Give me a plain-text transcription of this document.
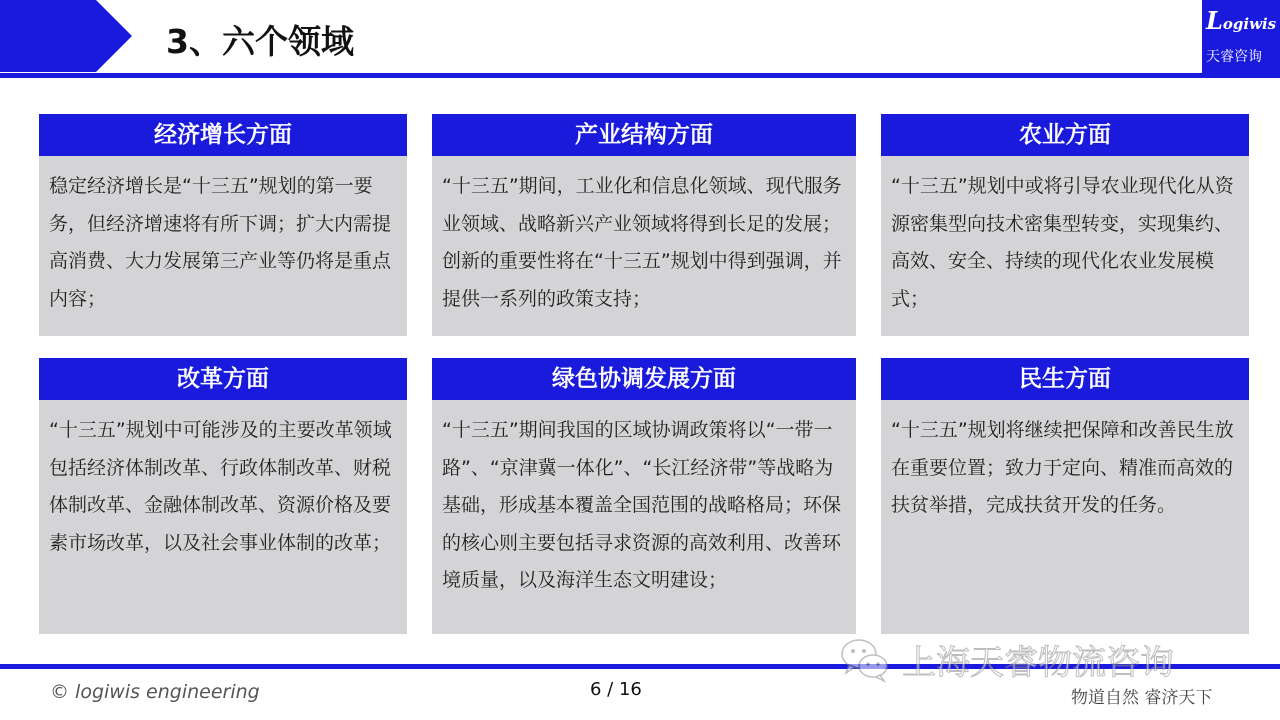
3、六个领域
Logiwis
天睿咨询
经济增长方面
稳定经济增长是“十三五”规划的第一要务，但经济增速将有所下调；扩大内需提高消费、大力发展第三产业等仍将是重点内容；
产业结构方面
“十三五”期间，工业化和信息化领域、现代服务业领域、战略新兴产业领域将得到长足的发展；创新的重要性将在“十三五”规划中得到强调，并提供一系列的政策支持；
农业方面
“十三五”规划中或将引导农业现代化从资源密集型向技术密集型转变，实现集约、高效、安全、持续的现代化农业发展模式；
改革方面
“十三五”规划中可能涉及的主要改革领域包括经济体制改革、行政体制改革、财税体制改革、金融体制改革、资源价格及要素市场改革，以及社会事业体制的改革；
绿色协调发展方面
“十三五”期间我国的区域协调政策将以“一带一路”、“京津冀一体化”、“长江经济带”等战略为基础，形成基本覆盖全国范围的战略格局；环保的核心则主要包括寻求资源的高效利用、改善环境质量，以及海洋生态文明建设；
民生方面
“十三五”规划将继续把保障和改善民生放在重要位置；致力于定向、精准而高效的扶贫举措，完成扶贫开发的任务。
上海天睿物流咨询
© logiwis engineering	6 / 16	物道自然 睿济天下
